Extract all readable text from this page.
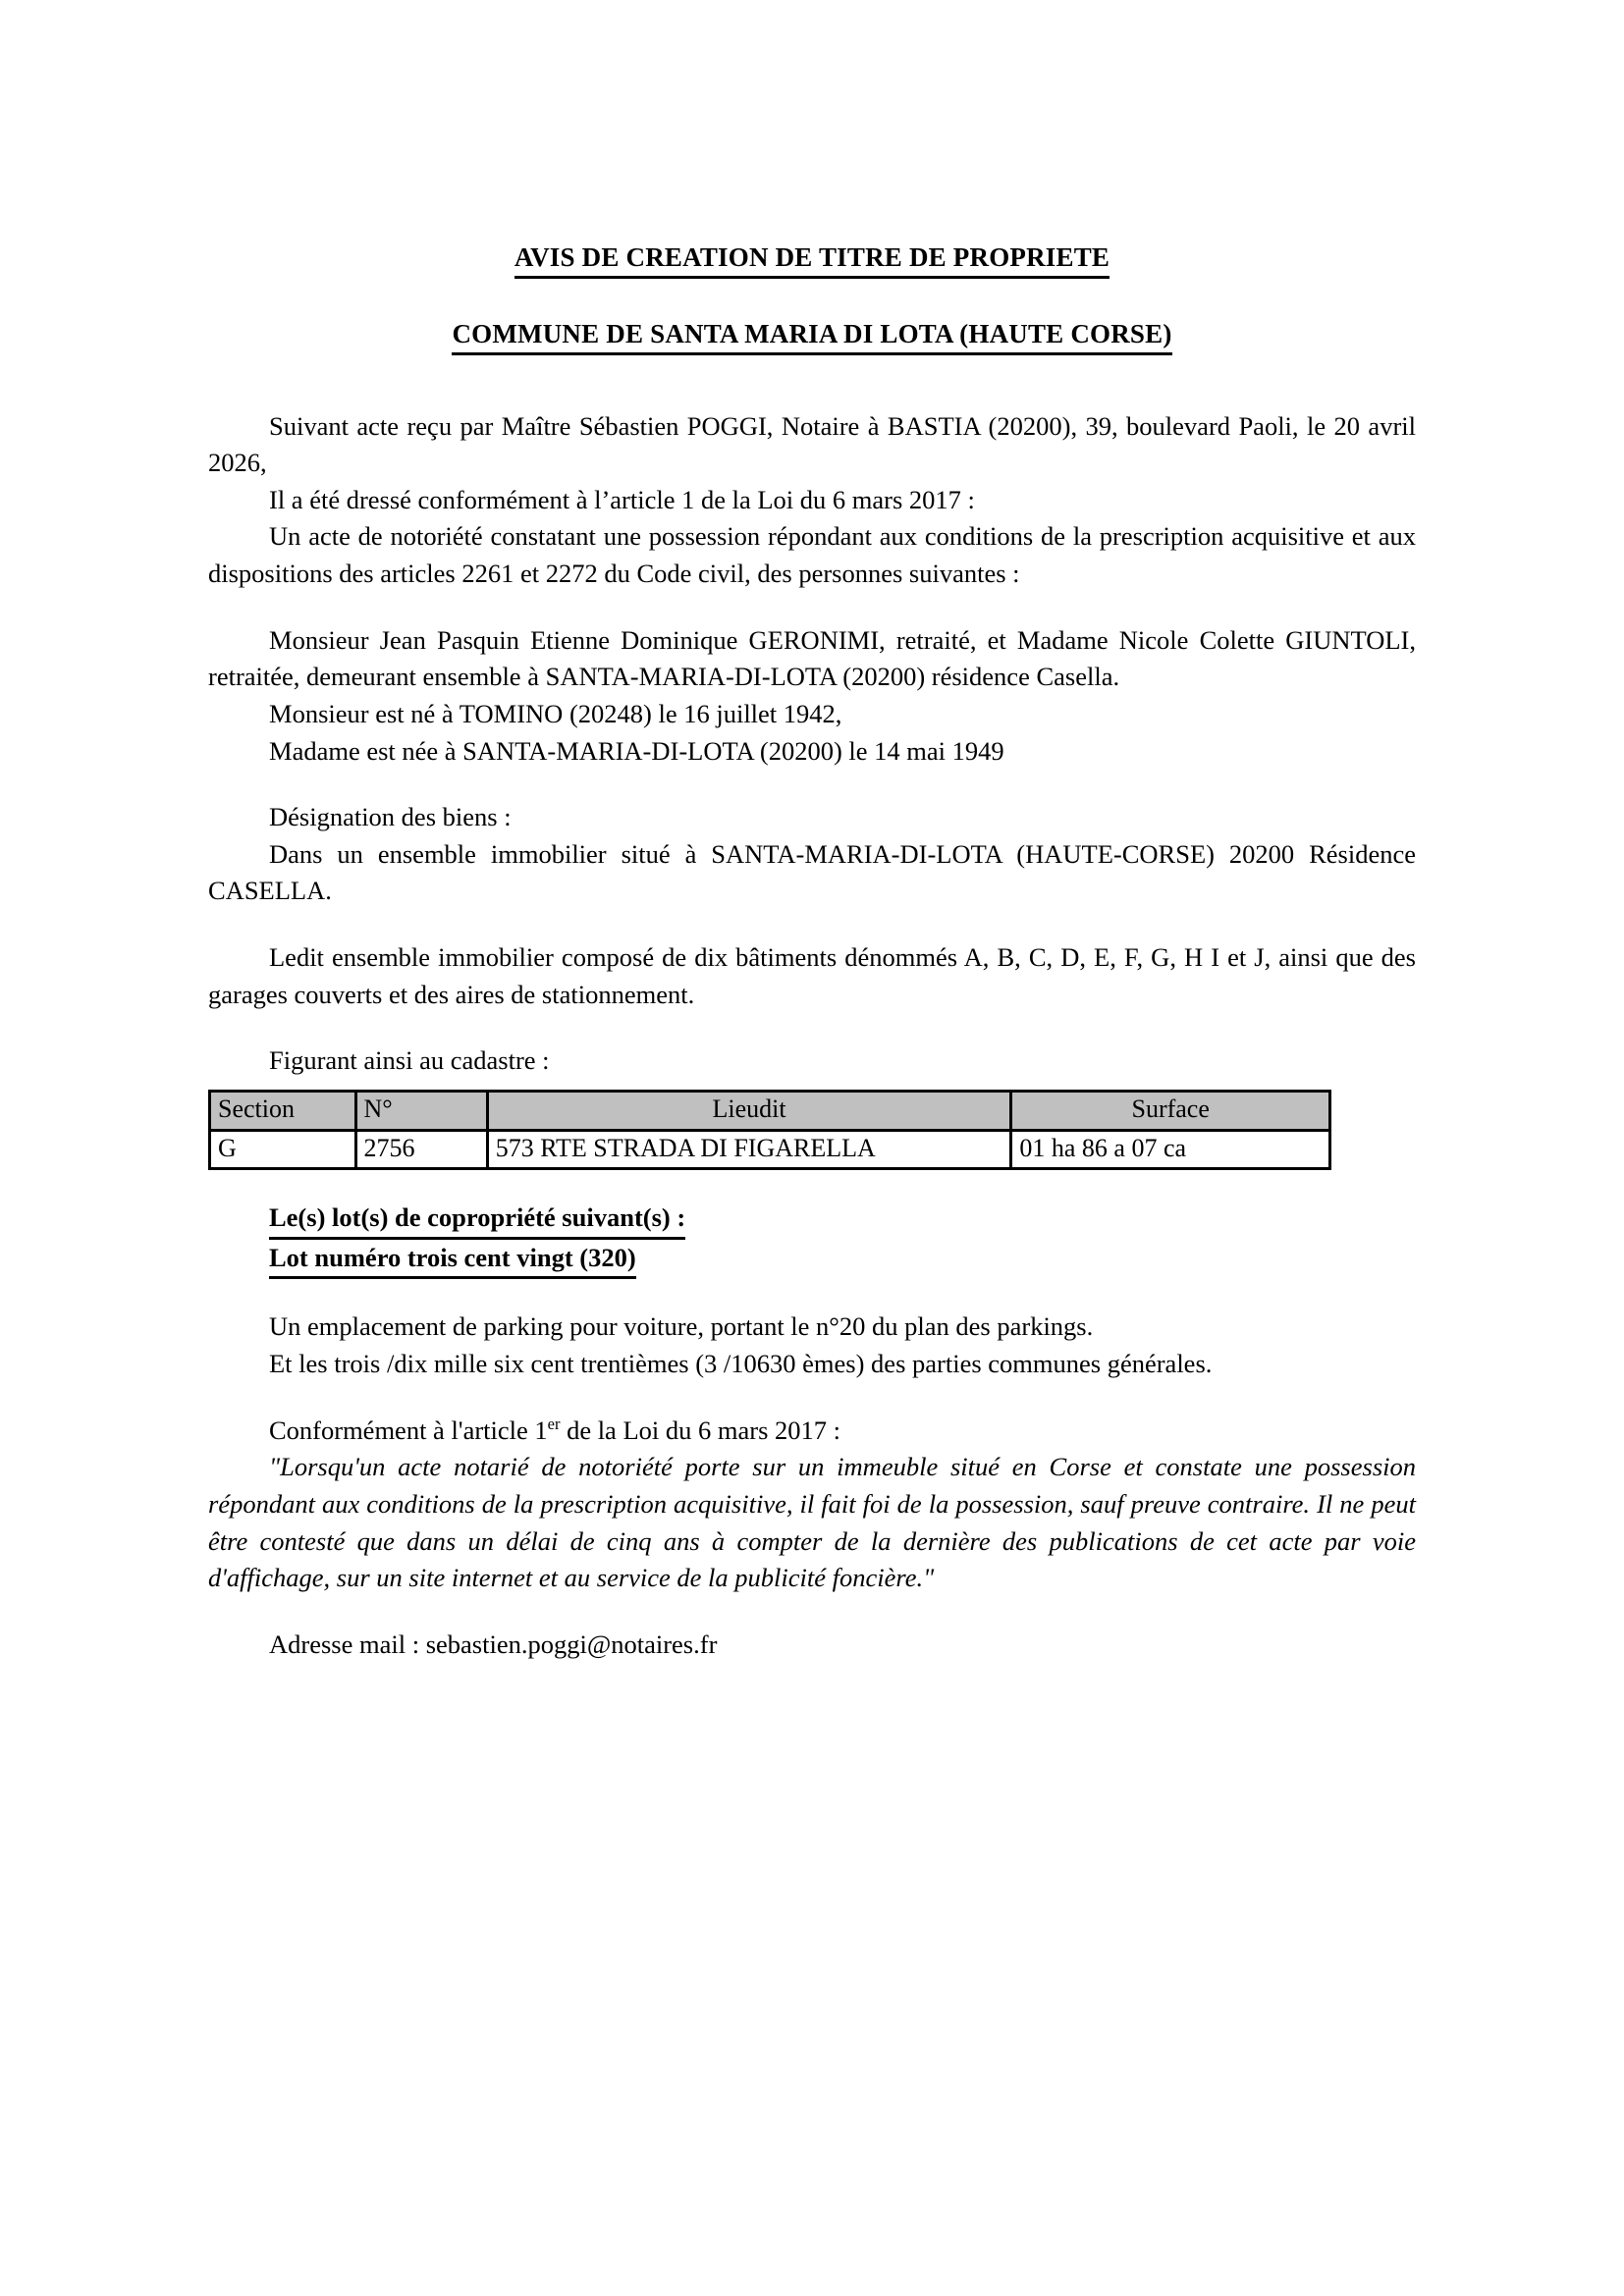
AVIS DE CREATION DE TITRE DE PROPRIETE
COMMUNE DE SANTA MARIA DI LOTA (HAUTE CORSE)

Suivant acte reçu par Maître Sébastien POGGI, Notaire à BASTIA (20200), 39, boulevard Paoli, le 20 avril 2026,

Il a été dressé conformément à l’article 1 de la Loi du 6 mars 2017 :

Un acte de notoriété constatant une possession répondant aux conditions de la prescription acquisitive et aux dispositions des articles 2261 et 2272 du Code civil, des personnes suivantes :

Monsieur Jean Pasquin Etienne Dominique GERONIMI, retraité, et Madame Nicole Colette GIUNTOLI, retraitée, demeurant ensemble à SANTA-MARIA-DI-LOTA (20200) résidence Casella.

Monsieur est né à TOMINO (20248) le 16 juillet 1942,

Madame est née à SANTA-MARIA-DI-LOTA (20200) le 14 mai 1949

Désignation des biens :

Dans un ensemble immobilier situé à SANTA-MARIA-DI-LOTA (HAUTE-CORSE) 20200 Résidence CASELLA.

Ledit ensemble immobilier composé de dix bâtiments dénommés A, B, C, D, E, F, G, H I et J, ainsi que des garages couverts et des aires de stationnement.

Figurant ainsi au cadastre :

Section	N°	Lieudit	Surface
G	2756	573 RTE STRADA DI FIGARELLA	01 ha 86 a 07 ca

Le(s) lot(s) de copropriété suivant(s) :

Lot numéro trois cent vingt (320)

Un emplacement de parking pour voiture, portant le n°20 du plan des parkings.

Et les trois /dix mille six cent trentièmes (3 /10630 èmes) des parties communes générales.

Conformément à l'article 1er de la Loi du 6 mars 2017 :

"Lorsqu'un acte notarié de notoriété porte sur un immeuble situé en Corse et constate une possession répondant aux conditions de la prescription acquisitive, il fait foi de la possession, sauf preuve contraire. Il ne peut être contesté que dans un délai de cinq ans à compter de la dernière des publications de cet acte par voie d'affichage, sur un site internet et au service de la publicité foncière."

Adresse mail : sebastien.poggi@notaires.fr
